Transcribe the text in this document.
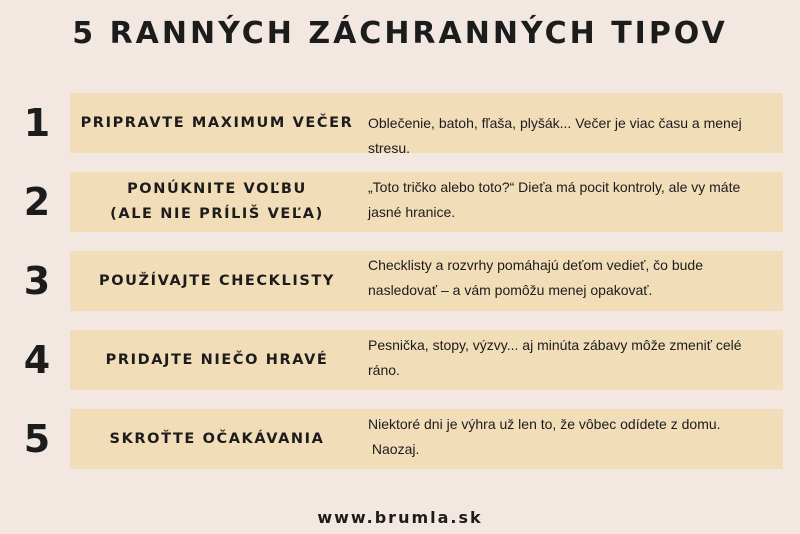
5 RANNÝCH ZÁCHRANNÝCH TIPOV
1	PRIPRAVTE MAXIMUM VEČER Oblečenie, batoh, fľaša, plyšák... Večer je viac času a menej stresu.
2	PONÚKNITE VOĽBU
(ALE NIE PRÍLIŠ VEĽA)
„Toto tričko alebo toto?“ Dieťa má pocit kontroly, ale vy máte jasné hranice.
3	POUŽÍVAJTE CHECKLISTY
Checklisty a rozvrhy pomáhajú deťom vedieť, čo bude nasledovať – a vám pomôžu menej opakovať.
4	PRIDAJTE NIEČO HRAVÉ
Pesnička, stopy, výzvy... aj minúta zábavy môže zmeniť celé ráno.
5	SKROŤTE OČAKÁVANIA
Niektoré dni je výhra už len to, že vôbec odídete z domu.
Naozaj.
www.brumla.sk
